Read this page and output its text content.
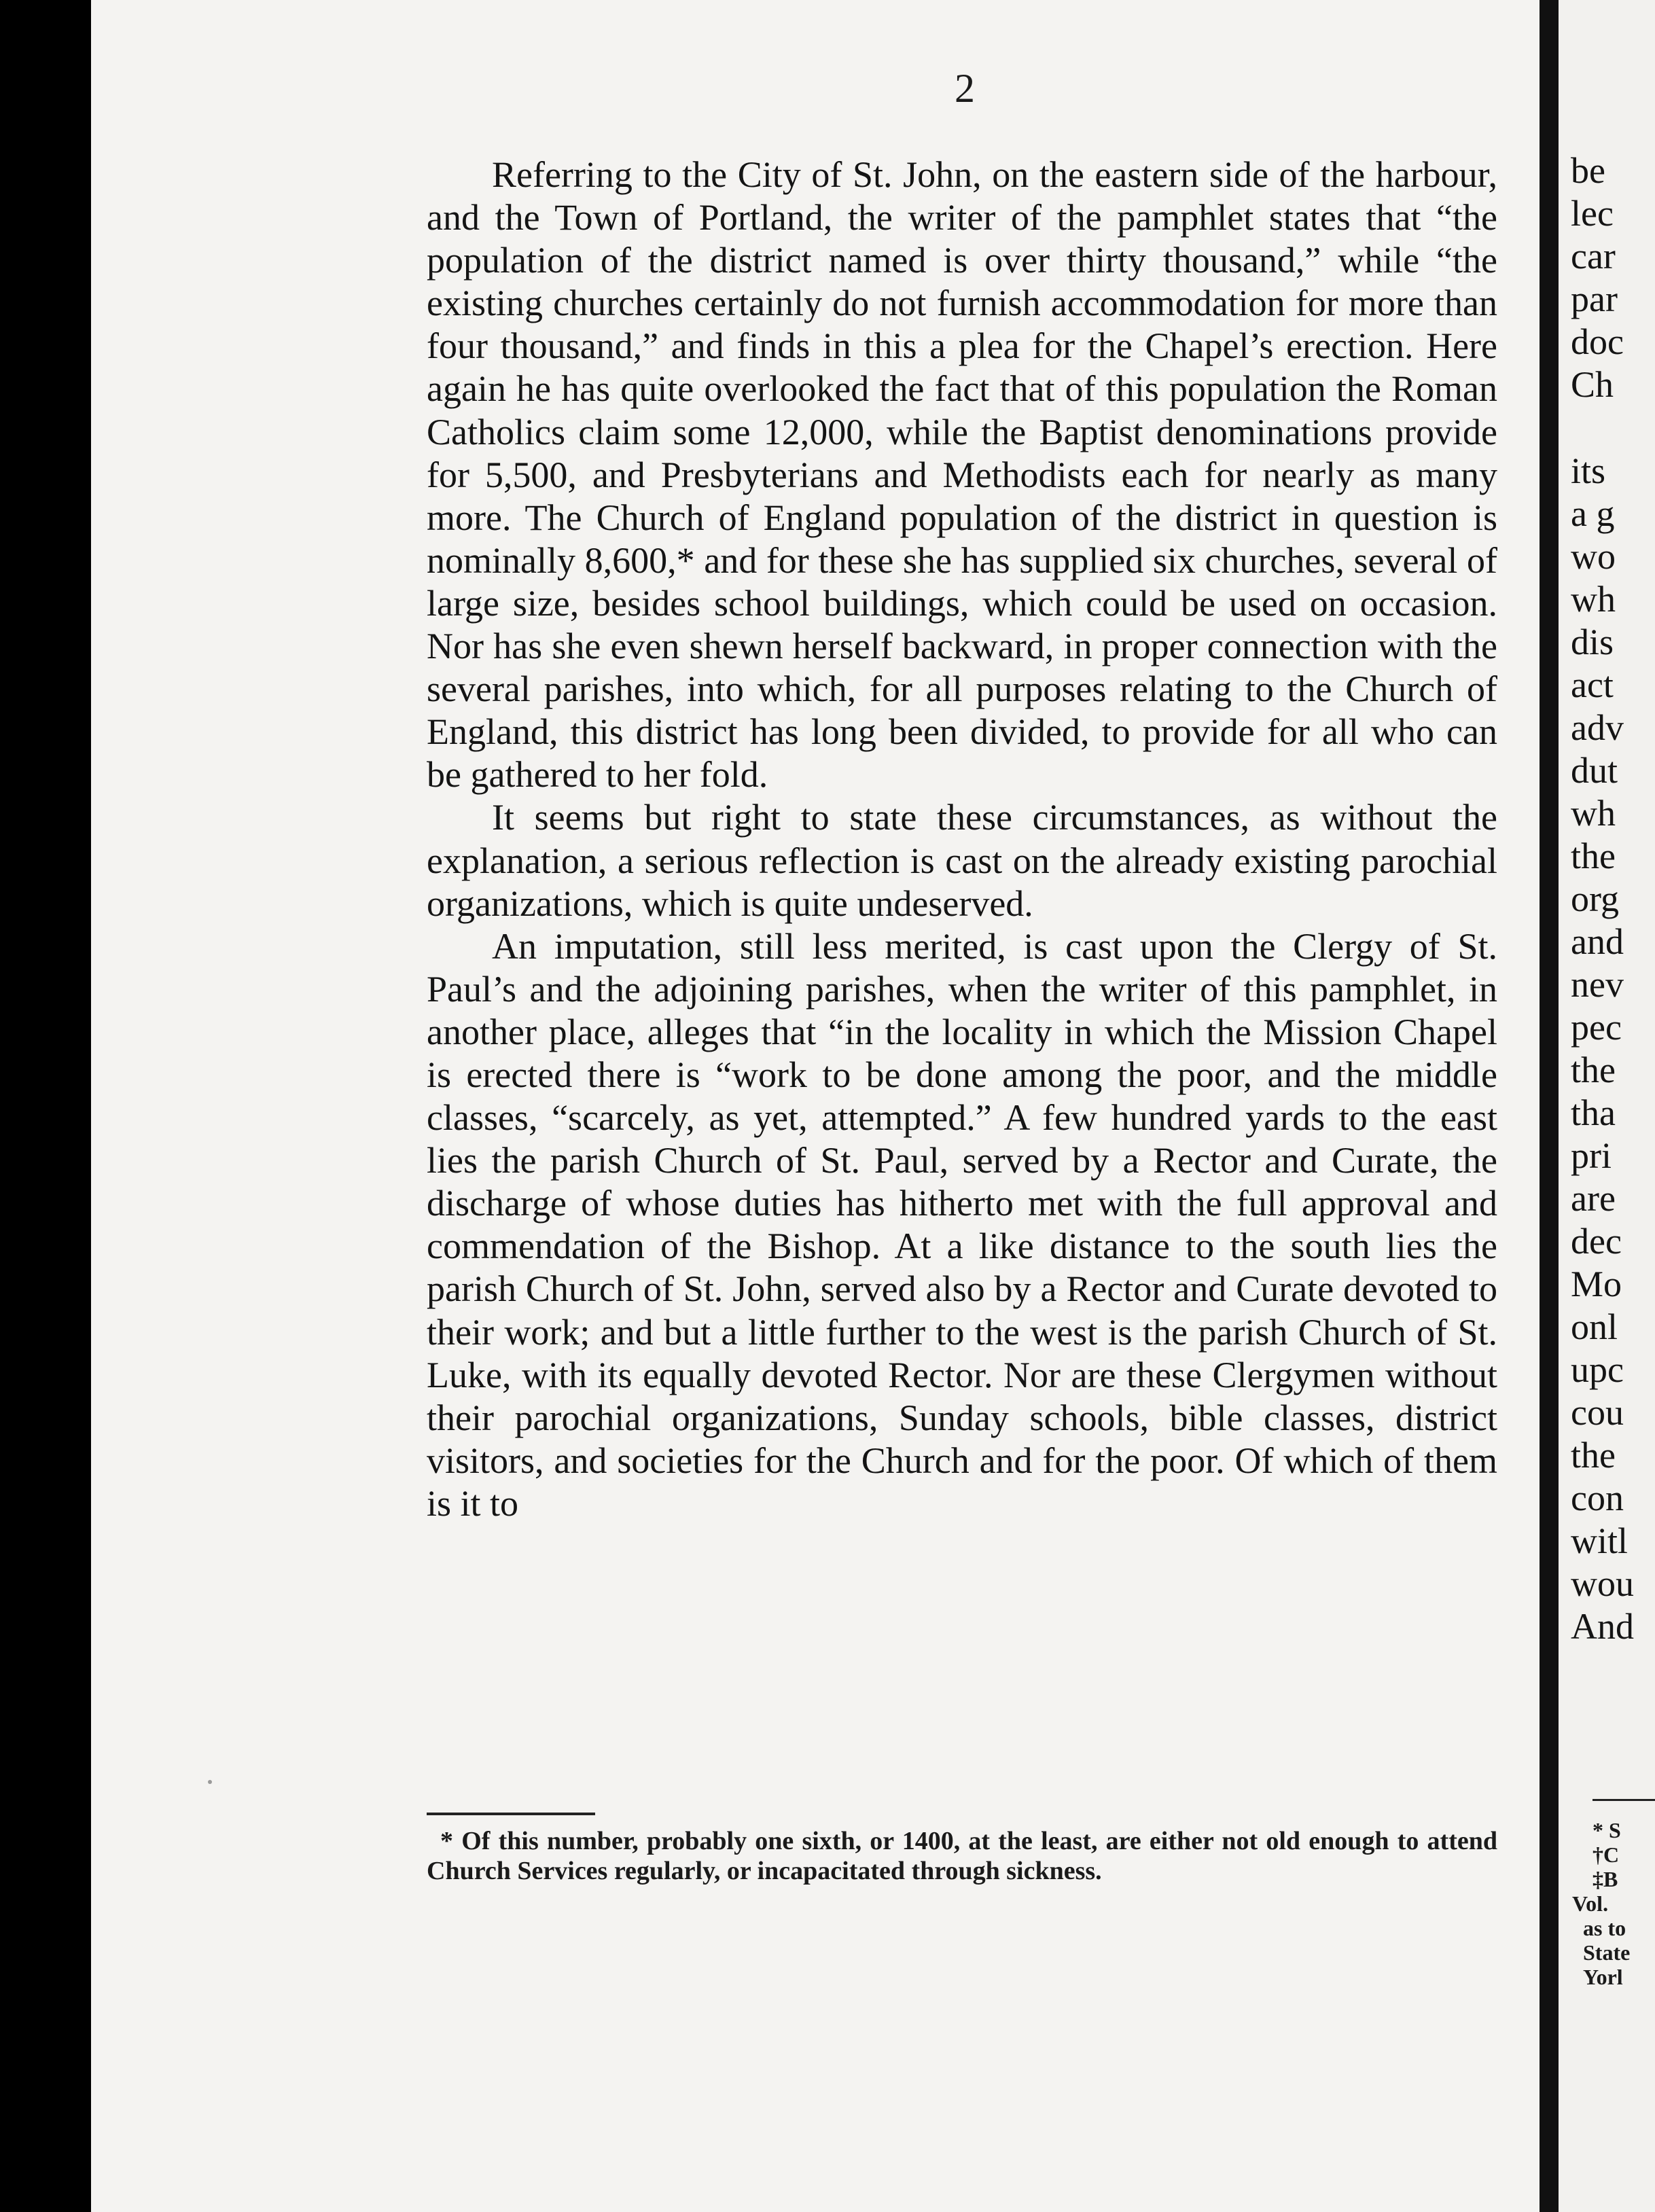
2

Referring to the City of St. John, on the eastern side of the harbour, and the Town of Portland, the writer of the pamphlet states that “the population of the district named is over thirty thousand,” while “the existing churches certainly do not furnish accommodation for more than four thousand,” and finds in this a plea for the Chapel’s erection. Here again he has quite overlooked the fact that of this population the Roman Catholics claim some 12,000, while the Baptist denominations provide for 5,500, and Presbyterians and Methodists each for nearly as many more. The Church of England population of the district in question is nominally 8,600,* and for these she has supplied six churches, several of large size, besides school buildings, which could be used on occasion. Nor has she even shewn herself backward, in proper connection with the several parishes, into which, for all purposes relating to the Church of England, this district has long been divided, to provide for all who can be gathered to her fold.

It seems but right to state these circumstances, as without the explanation, a serious reflection is cast on the already existing parochial organizations, which is quite undeserved.

An imputation, still less merited, is cast upon the Clergy of St. Paul’s and the adjoining parishes, when the writer of this pamphlet, in another place, alleges that “in the locality in which the Mission Chapel is erected there is “work to be done among the poor, and the middle classes, “scarcely, as yet, attempted.” A few hundred yards to the east lies the parish Church of St. Paul, served by a Rector and Curate, the discharge of whose duties has hitherto met with the full approval and commendation of the Bishop. At a like distance to the south lies the parish Church of St. John, served also by a Rector and Curate devoted to their work; and but a little further to the west is the parish Church of St. Luke, with its equally devoted Rector. Nor are these Clergymen without their parochial organizations, Sunday schools, bible classes, district visitors, and societies for the Church and for the poor. Of which of them is it to

* Of this number, probably one sixth, or 1400, at the least, are either not old enough to attend Church Services regularly, or incapacitated through sickness.
be
lec
car
par
doc
Ch
its
a g
wo
wh
dis
act
adv
dut
wh
the
org
and
nev
pec
the
tha
pri
are
dec
Mo
onl
upc
cou
the
con
witl
wou
And
* S
†C
‡B
Vol.
as to
State
Yorl
